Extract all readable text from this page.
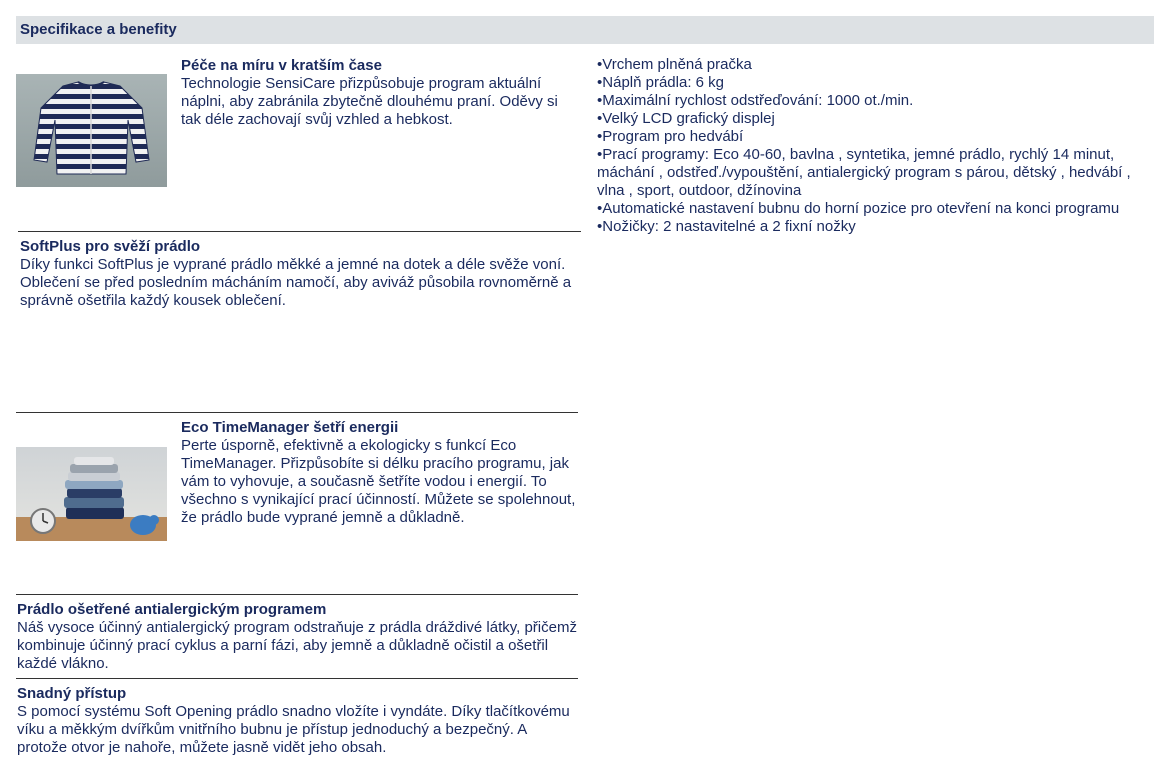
Specifikace a benefity
Péče na míru v kratším čase

Technologie SensiCare přizpůsobuje program aktuální náplni, aby zabránila zbytečně dlouhému praní. Oděvy si tak déle zachovají svůj vzhled a hebkost.

SoftPlus pro svěží prádlo

Díky funkci SoftPlus je vyprané prádlo měkké a jemné na dotek a déle svěže voní. Oblečení se před posledním mácháním namočí, aby aviváž působila rovnoměrně a správně ošetřila každý kousek oblečení.

Eco TimeManager šetří energii

Perte úsporně, efektivně a ekologicky s funkcí Eco TimeManager. Přizpůsobíte si délku pracího programu, jak vám to vyhovuje, a současně šetříte vodou i energií. To všechno s vynikající prací účinností. Můžete se spolehnout, že prádlo bude vyprané jemně a důkladně.

Prádlo ošetřené antialergickým programem

Náš vysoce účinný antialergický program odstraňuje z prádla dráždivé látky, přičemž kombinuje účinný prací cyklus a parní fázi, aby jemně a důkladně očistil a ošetřil každé vlákno.

Snadný přístup

S pomocí systému Soft Opening prádlo snadno vložíte i vyndáte. Díky tlačítkovému víku a měkkým dvířkům vnitřního bubnu je přístup jednoduchý a bezpečný. A protože otvor je nahoře, můžete jasně vidět jeho obsah.

• Vrchem plněná pračka
• Náplň prádla: 6 kg
• Maximální rychlost odstřeďování: 1000 ot./min.
• Velký LCD grafický displej
• Program pro hedvábí
• Prací programy: Eco 40-60, bavlna , syntetika, jemné prádlo, rychlý 14 minut, máchání , odstřeď./vypouštění, antialergický program s párou, dětský , hedvábí , vlna , sport, outdoor, džínovina
• Automatické nastavení bubnu do horní pozice pro otevření na konci programu
• Nožičky: 2 nastavitelné a 2 fixní nožky
